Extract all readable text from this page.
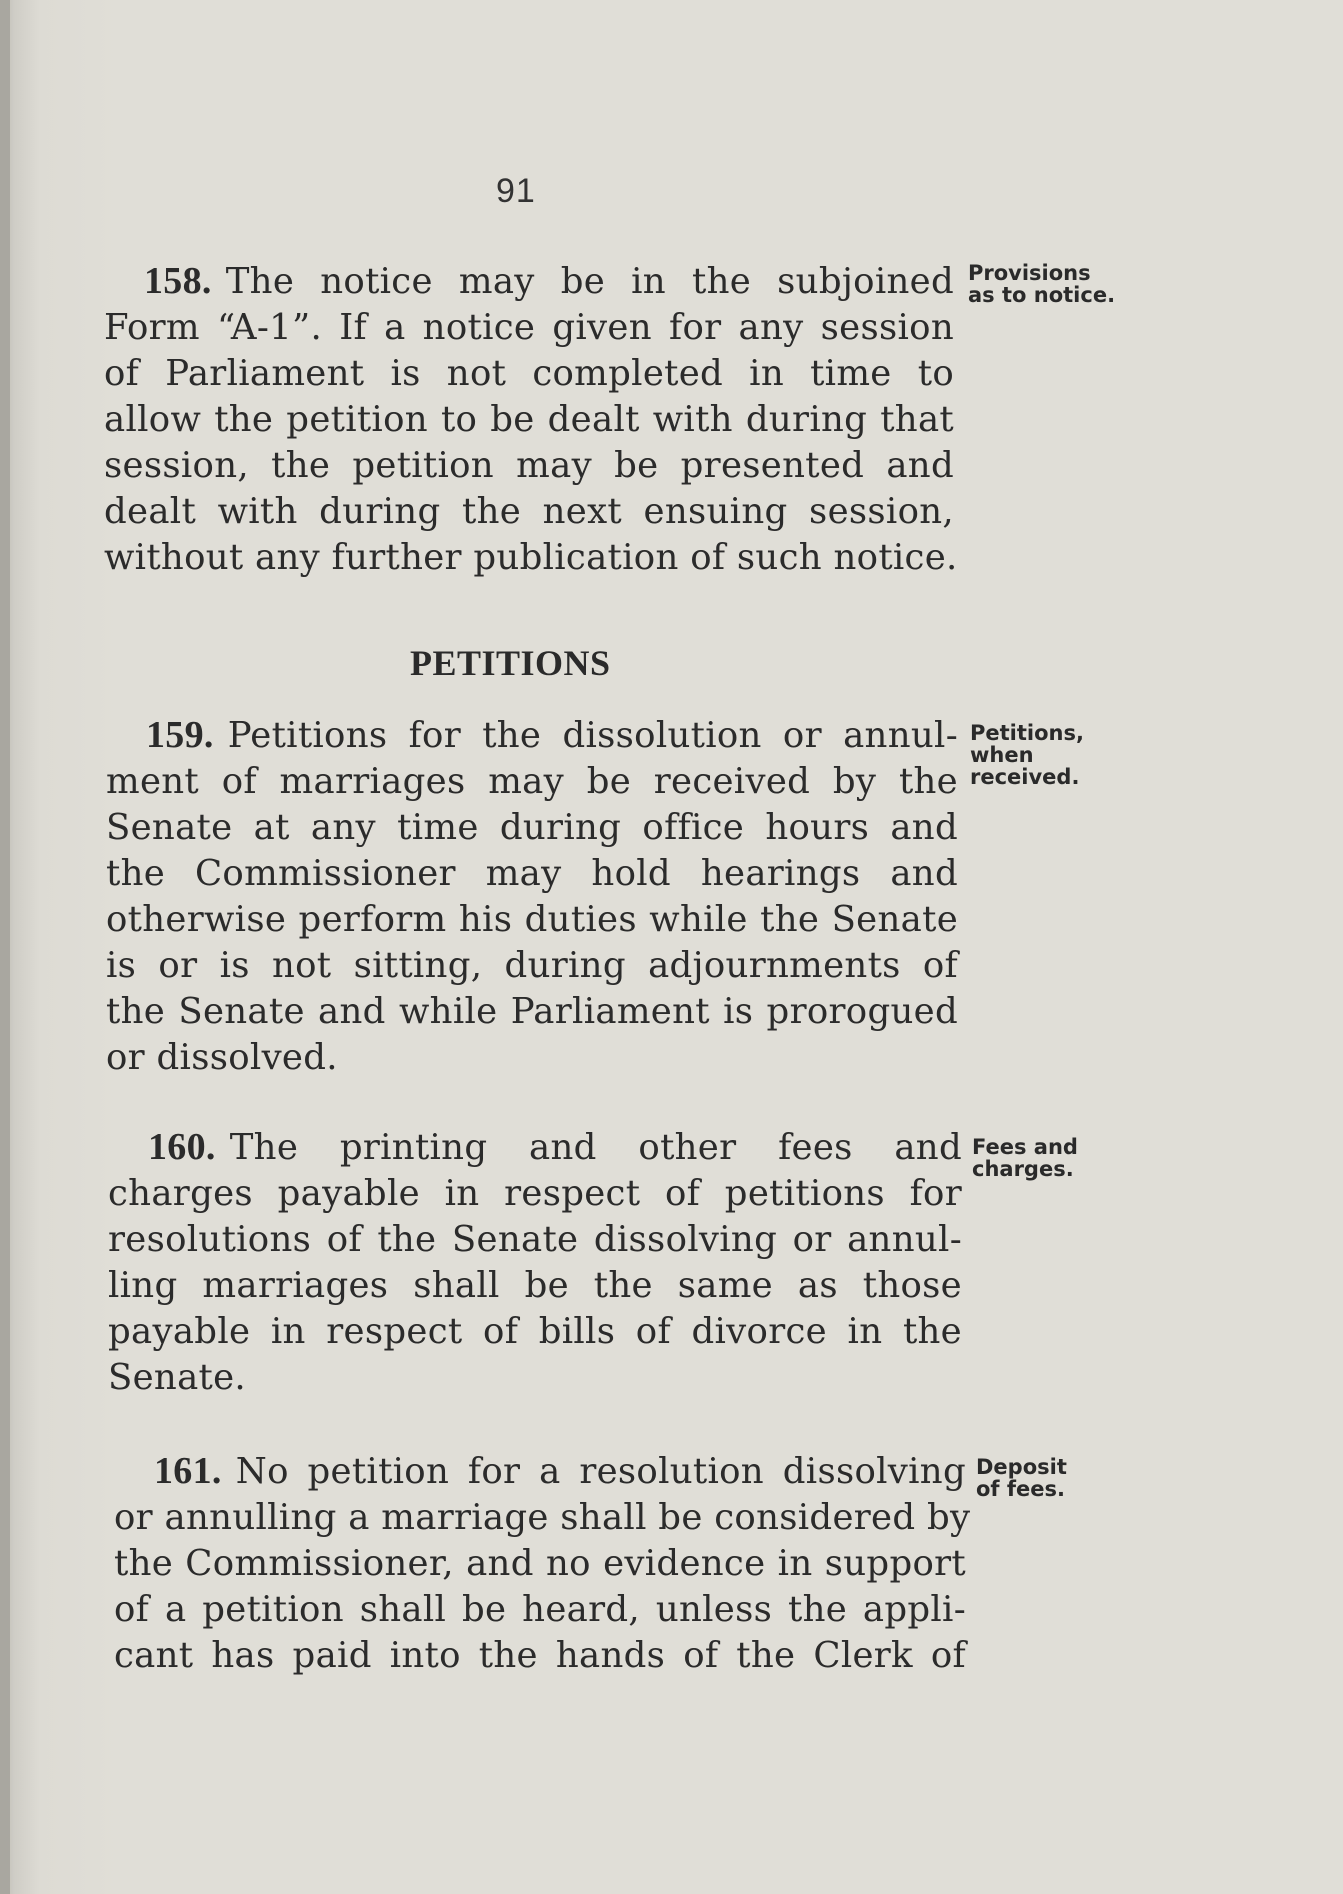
91
158. The notice may be in the subjoined
Form “A-1”. If a notice given for any session
of Parliament is not completed in time to
allow the petition to be dealt with during that
session, the petition may be presented and
dealt with during the next ensuing session,
without any further publication of such notice.
Provisions
as to notice.
PETITIONS
159. Petitions for the dissolution or annul-
ment of marriages may be received by the
Senate at any time during office hours and
the Commissioner may hold hearings and
otherwise perform his duties while the Senate
is or is not sitting, during adjournments of
the Senate and while Parliament is prorogued
or dissolved.
Petitions,
when
received.
160. The printing and other fees and
charges payable in respect of petitions for
resolutions of the Senate dissolving or annul-
ling marriages shall be the same as those
payable in respect of bills of divorce in the
Senate.
Fees and
charges.
161. No petition for a resolution dissolving
or annulling a marriage shall be considered by
the Commissioner, and no evidence in support
of a petition shall be heard, unless the appli-
cant has paid into the hands of the Clerk of
Deposit
of fees.
